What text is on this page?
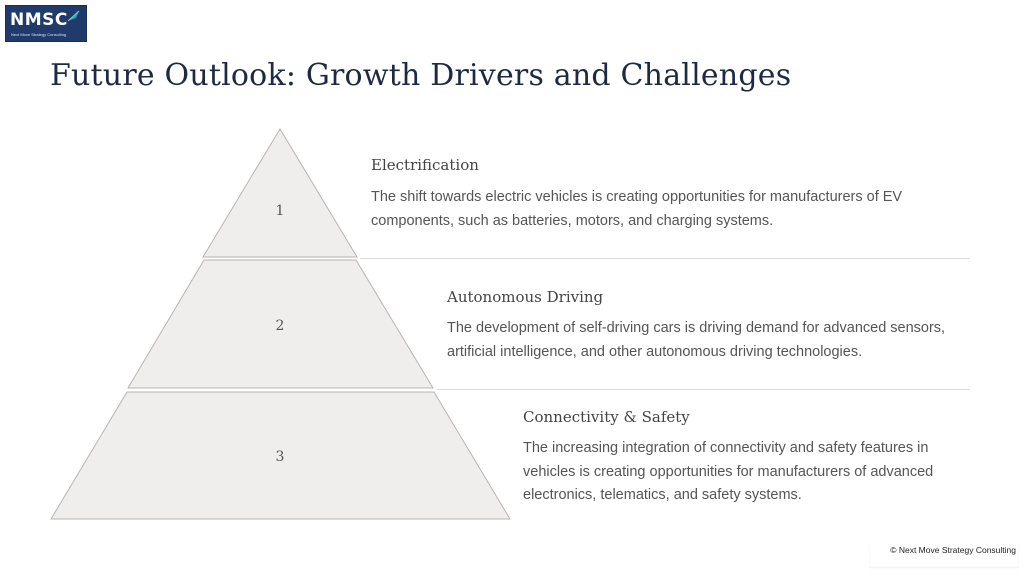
NMSC
Next Move Strategy Consulting
Future Outlook: Growth Drivers and Challenges
1
2
3
Electrification

The shift towards electric vehicles is creating opportunities for manufacturers of EV components, such as batteries, motors, and charging systems.

Autonomous Driving

The development of self-driving cars is driving demand for advanced sensors, artificial intelligence, and other autonomous driving technologies.

Connectivity & Safety

The increasing integration of connectivity and safety features in vehicles is creating opportunities for manufacturers of advanced electronics, telematics, and safety systems.

© Next Move Strategy Consulting
